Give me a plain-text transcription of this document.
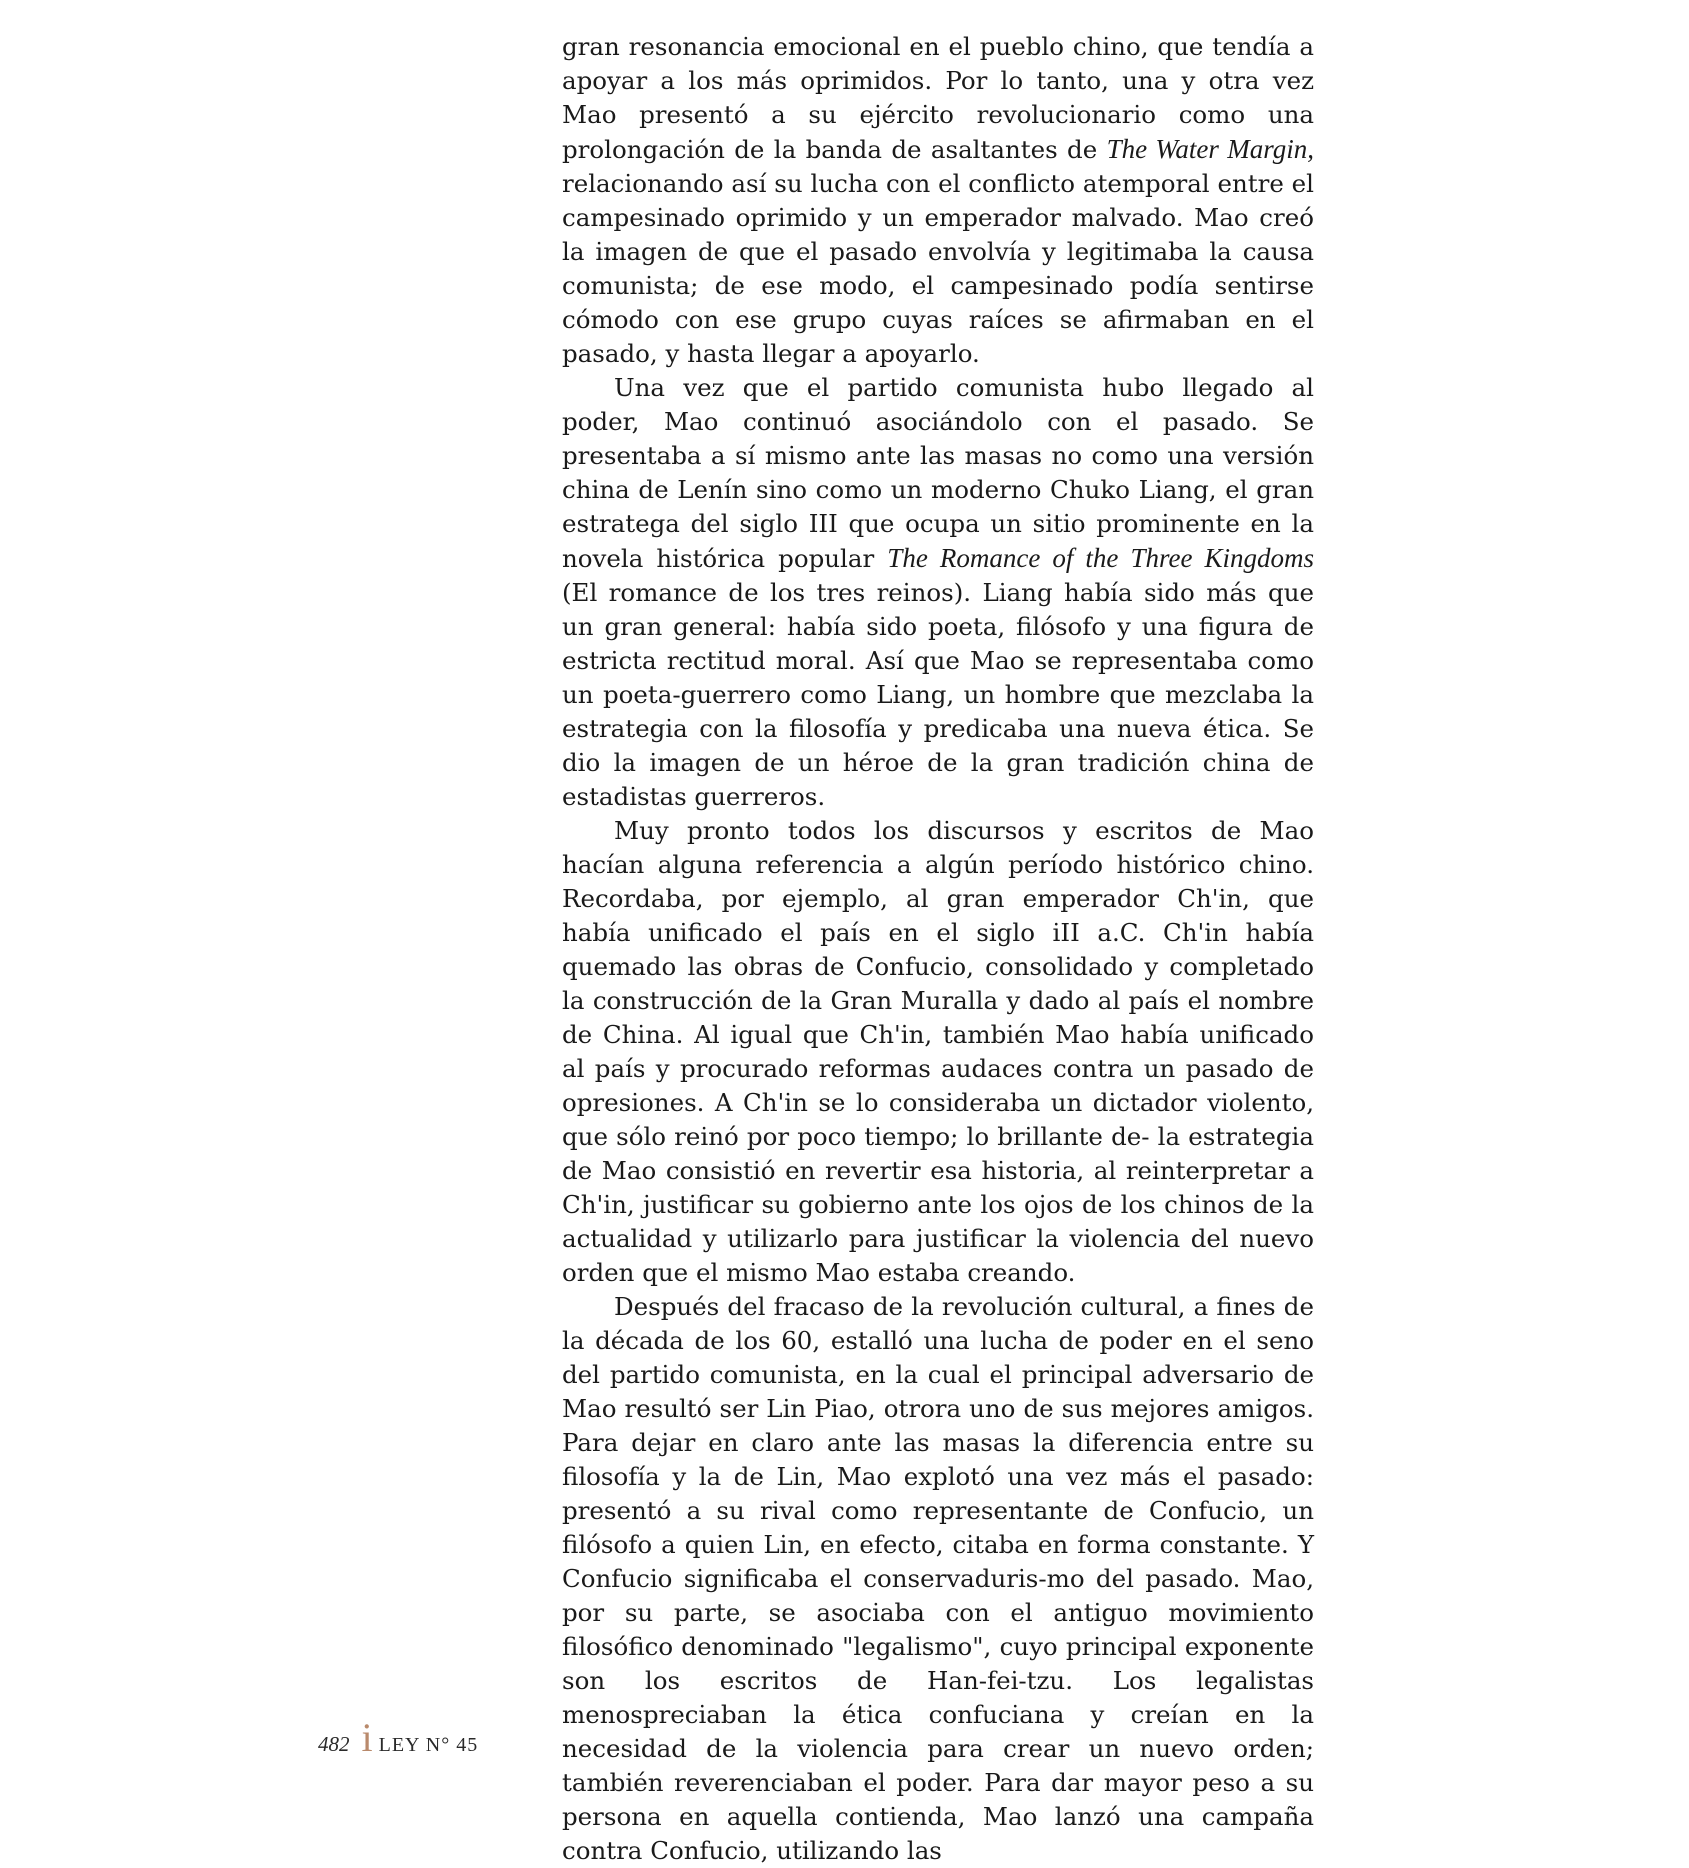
gran resonancia emocional en el pueblo chino, que tendía a apoyar a los más oprimidos. Por lo tanto, una y otra vez Mao presentó a su ejército revolucionario como una prolongación de la banda de asaltantes de The Water Margin, relacionando así su lucha con el conflicto atemporal entre el campesinado oprimido y un emperador malvado. Mao creó la imagen de que el pasado envolvía y legitimaba la causa comunista; de ese modo, el campesinado podía sentirse cómodo con ese grupo cuyas raíces se afirmaban en el pasado, y hasta llegar a apoyarlo.

Una vez que el partido comunista hubo llegado al poder, Mao continuó asociándolo con el pasado. Se presentaba a sí mismo ante las masas no como una versión china de Lenín sino como un moderno Chuko Liang, el gran estratega del siglo III que ocupa un sitio prominente en la novela histórica popular The Romance of the Three Kingdoms (El romance de los tres reinos). Liang había sido más que un gran general: había sido poeta, filósofo y una figura de estricta rectitud moral. Así que Mao se representaba como un poeta-guerrero como Liang, un hombre que mezclaba la estrategia con la filosofía y predicaba una nueva ética. Se dio la imagen de un héroe de la gran tradición china de estadistas guerreros.

Muy pronto todos los discursos y escritos de Mao hacían alguna referencia a algún período histórico chino. Recordaba, por ejemplo, al gran emperador Ch'in, que había unificado el país en el siglo iII a.C. Ch'in había quemado las obras de Confucio, consolidado y completado la construcción de la Gran Muralla y dado al país el nombre de China. Al igual que Ch'in, también Mao había unificado al país y procurado reformas audaces contra un pasado de opresiones. A Ch'in se lo consideraba un dictador violento, que sólo reinó por poco tiempo; lo brillante de- la estrategia de Mao consistió en revertir esa historia, al reinterpretar a Ch'in, justificar su gobierno ante los ojos de los chinos de la actualidad y utilizarlo para justificar la violencia del nuevo orden que el mismo Mao estaba creando.

Después del fracaso de la revolución cultural, a fines de la década de los 60, estalló una lucha de poder en el seno del partido comunista, en la cual el principal adversario de Mao resultó ser Lin Piao, otrora uno de sus mejores amigos. Para dejar en claro ante las masas la diferencia entre su filosofía y la de Lin, Mao explotó una vez más el pasado: presentó a su rival como representante de Confucio, un filósofo a quien Lin, en efecto, citaba en forma constante. Y Confucio significaba el conservaduris-mo del pasado. Mao, por su parte, se asociaba con el antiguo movimiento filosófico denominado "legalismo", cuyo principal exponente son los escritos de Han-fei-tzu. Los legalistas menospreciaban la ética confuciana y creían en la necesidad de la violencia para crear un nuevo orden; también reverenciaban el poder. Para dar mayor peso a su persona en aquella contienda, Mao lanzó una campaña contra Confucio, utilizando las

482 i LEY N° 45
